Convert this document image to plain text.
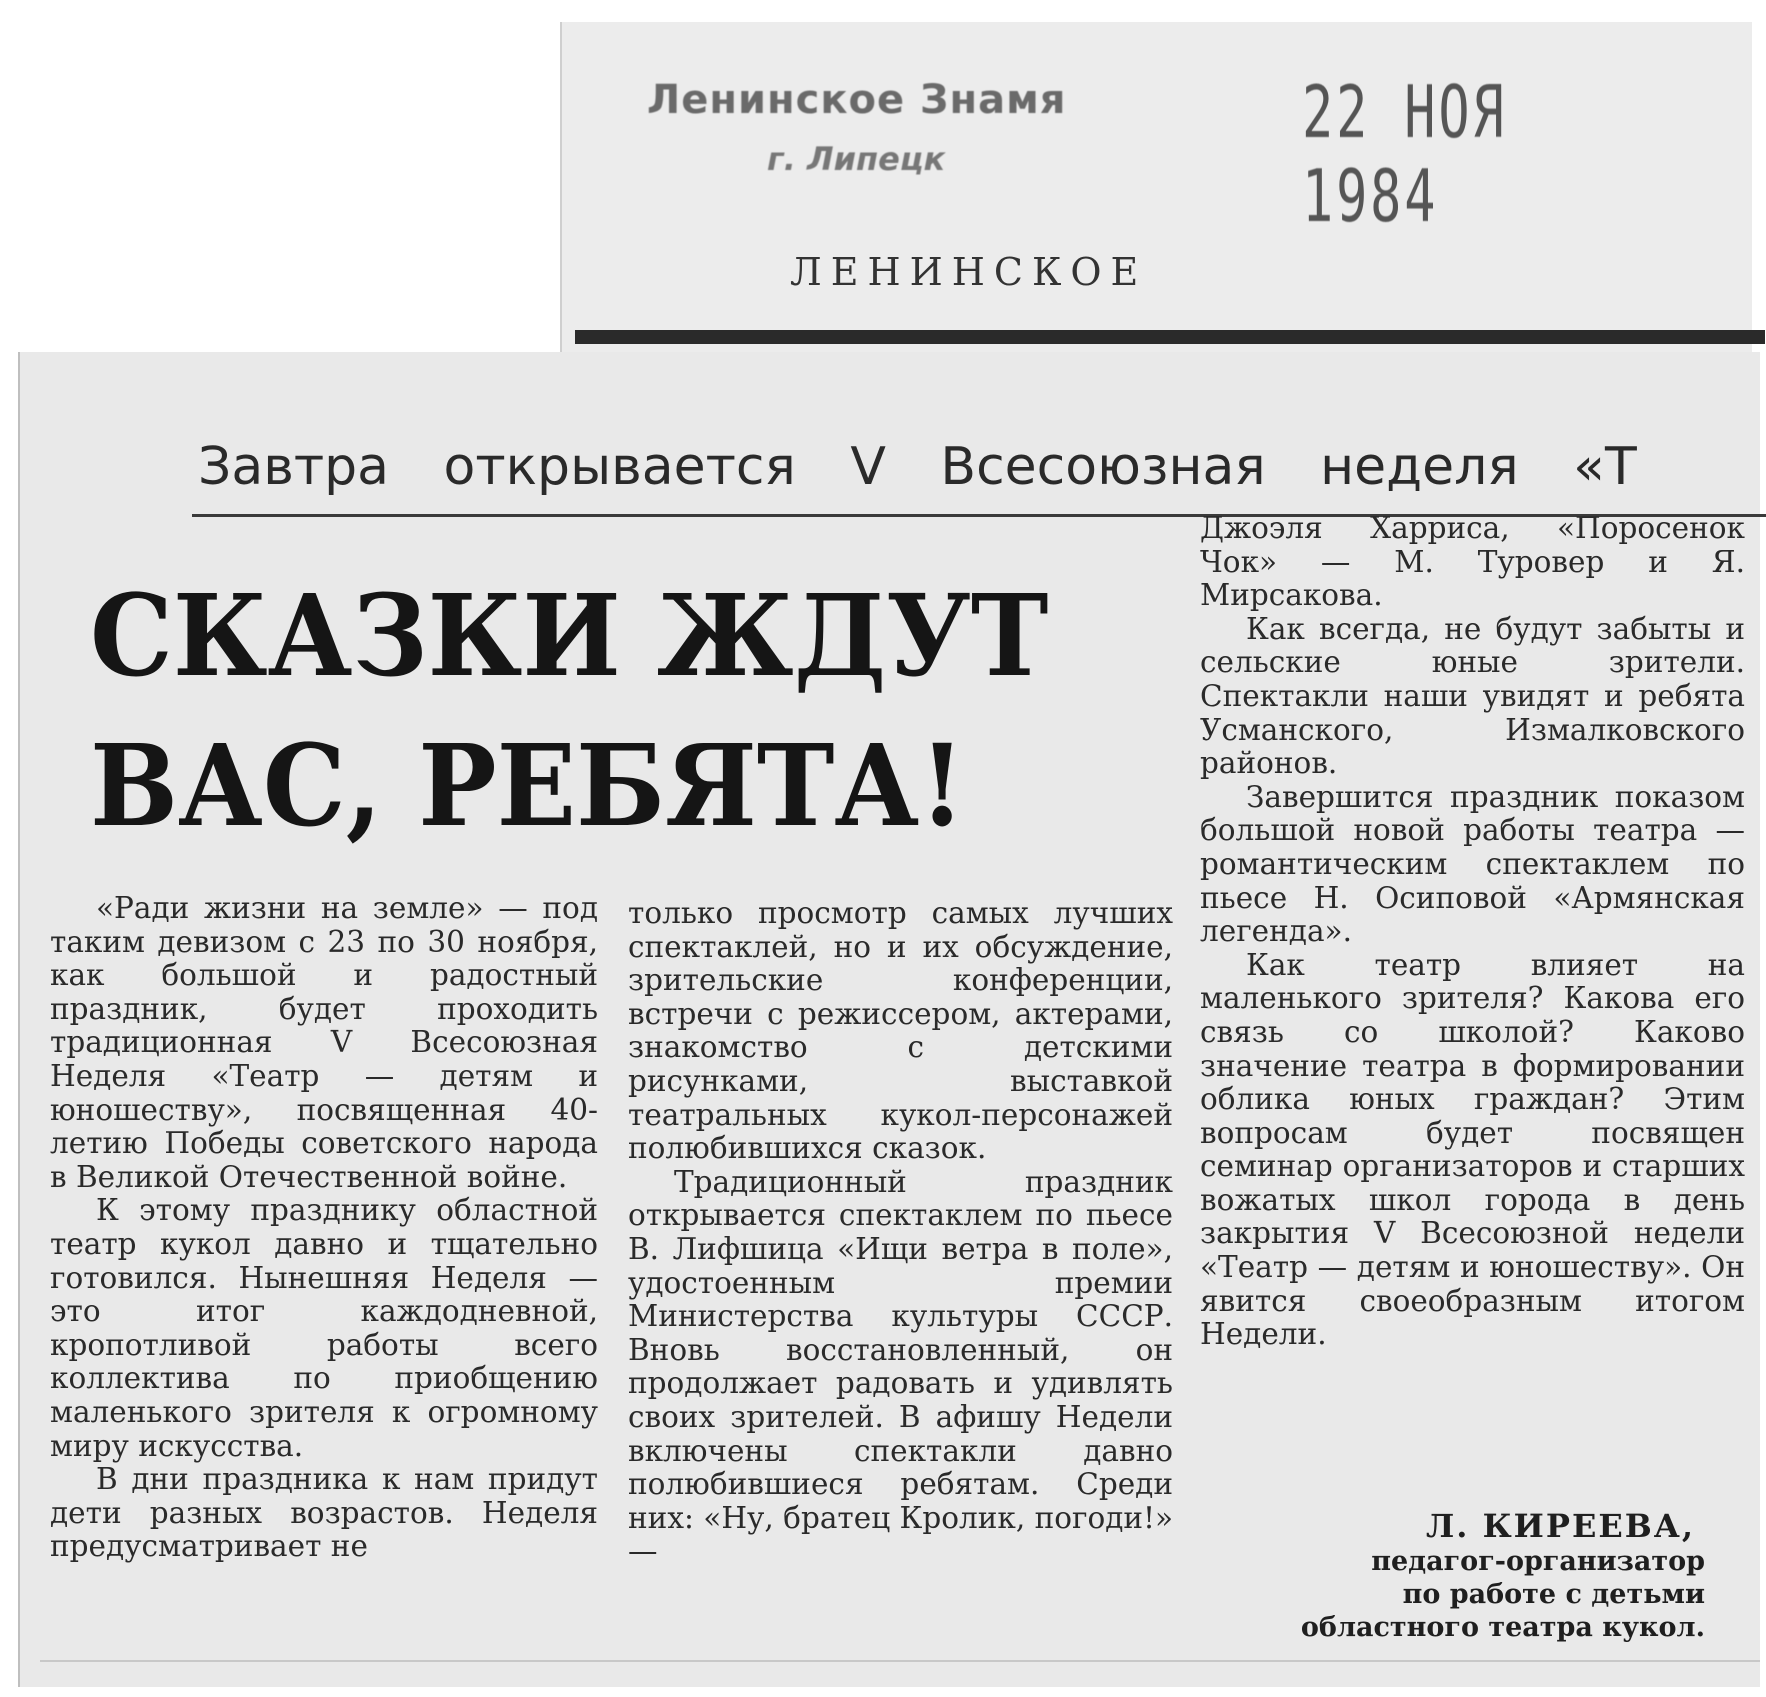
Ленинское Знамя
г. Липецк
22 НОЯ 1984
ЛЕНИНСКОЕ
Завтра открывается V Всесоюзная неделя «Т
СКАЗКИ ЖДУТ
ВАС, РЕБЯТА!

«Ради жизни на земле» — под таким девизом с 23 по 30 ноября, как большой и радостный праздник, будет проходить традиционная V Всесоюзная Неделя «Театр — детям и юношеству», посвященная 40-летию Победы советского народа в Великой Отечественной войне.

К этому празднику областной театр кукол давно и тщательно готовился. Нынешняя Неделя — это итог каждодневной, кропотливой работы всего коллектива по приобщению маленького зрителя к огромному миру искусства.

В дни праздника к нам придут дети разных возрастов. Неделя предусматривает не

только просмотр самых лучших спектаклей, но и их обсуждение, зрительские конференции, встречи с режиссером, актерами, знакомство с детскими рисунками, выставкой театральных кукол-персонажей полюбившихся сказок.

Традиционный праздник открывается спектаклем по пьесе В. Лифшица «Ищи ветра в поле», удостоенным премии Министерства культуры СССР. Вновь восстановленный, он продолжает радовать и удивлять своих зрителей. В афишу Недели включены спектакли давно полюбившиеся ребятам. Среди них: «Ну, братец Кролик, погоди!» —

Джоэля Харриса, «Поросенок Чок» — М. Туровер и Я. Мирсакова.

Как всегда, не будут забыты и сельские юные зрители. Спектакли наши увидят и ребята Усманского, Измалковского районов.

Завершится праздник показом большой новой работы театра — романтическим спектаклем по пьесе Н. Осиповой «Армянская легенда».

Как театр влияет на маленького зрителя? Какова его связь со школой? Каково значение театра в формировании облика юных граждан? Этим вопросам будет посвящен семинар организаторов и старших вожатых школ города в день закрытия V Всесоюзной недели «Театр — детям и юношеству». Он явится своеобразным итогом Недели.

Л. КИРЕЕВА,
педагог-организатор
по работе с детьми
областного театра кукол.
